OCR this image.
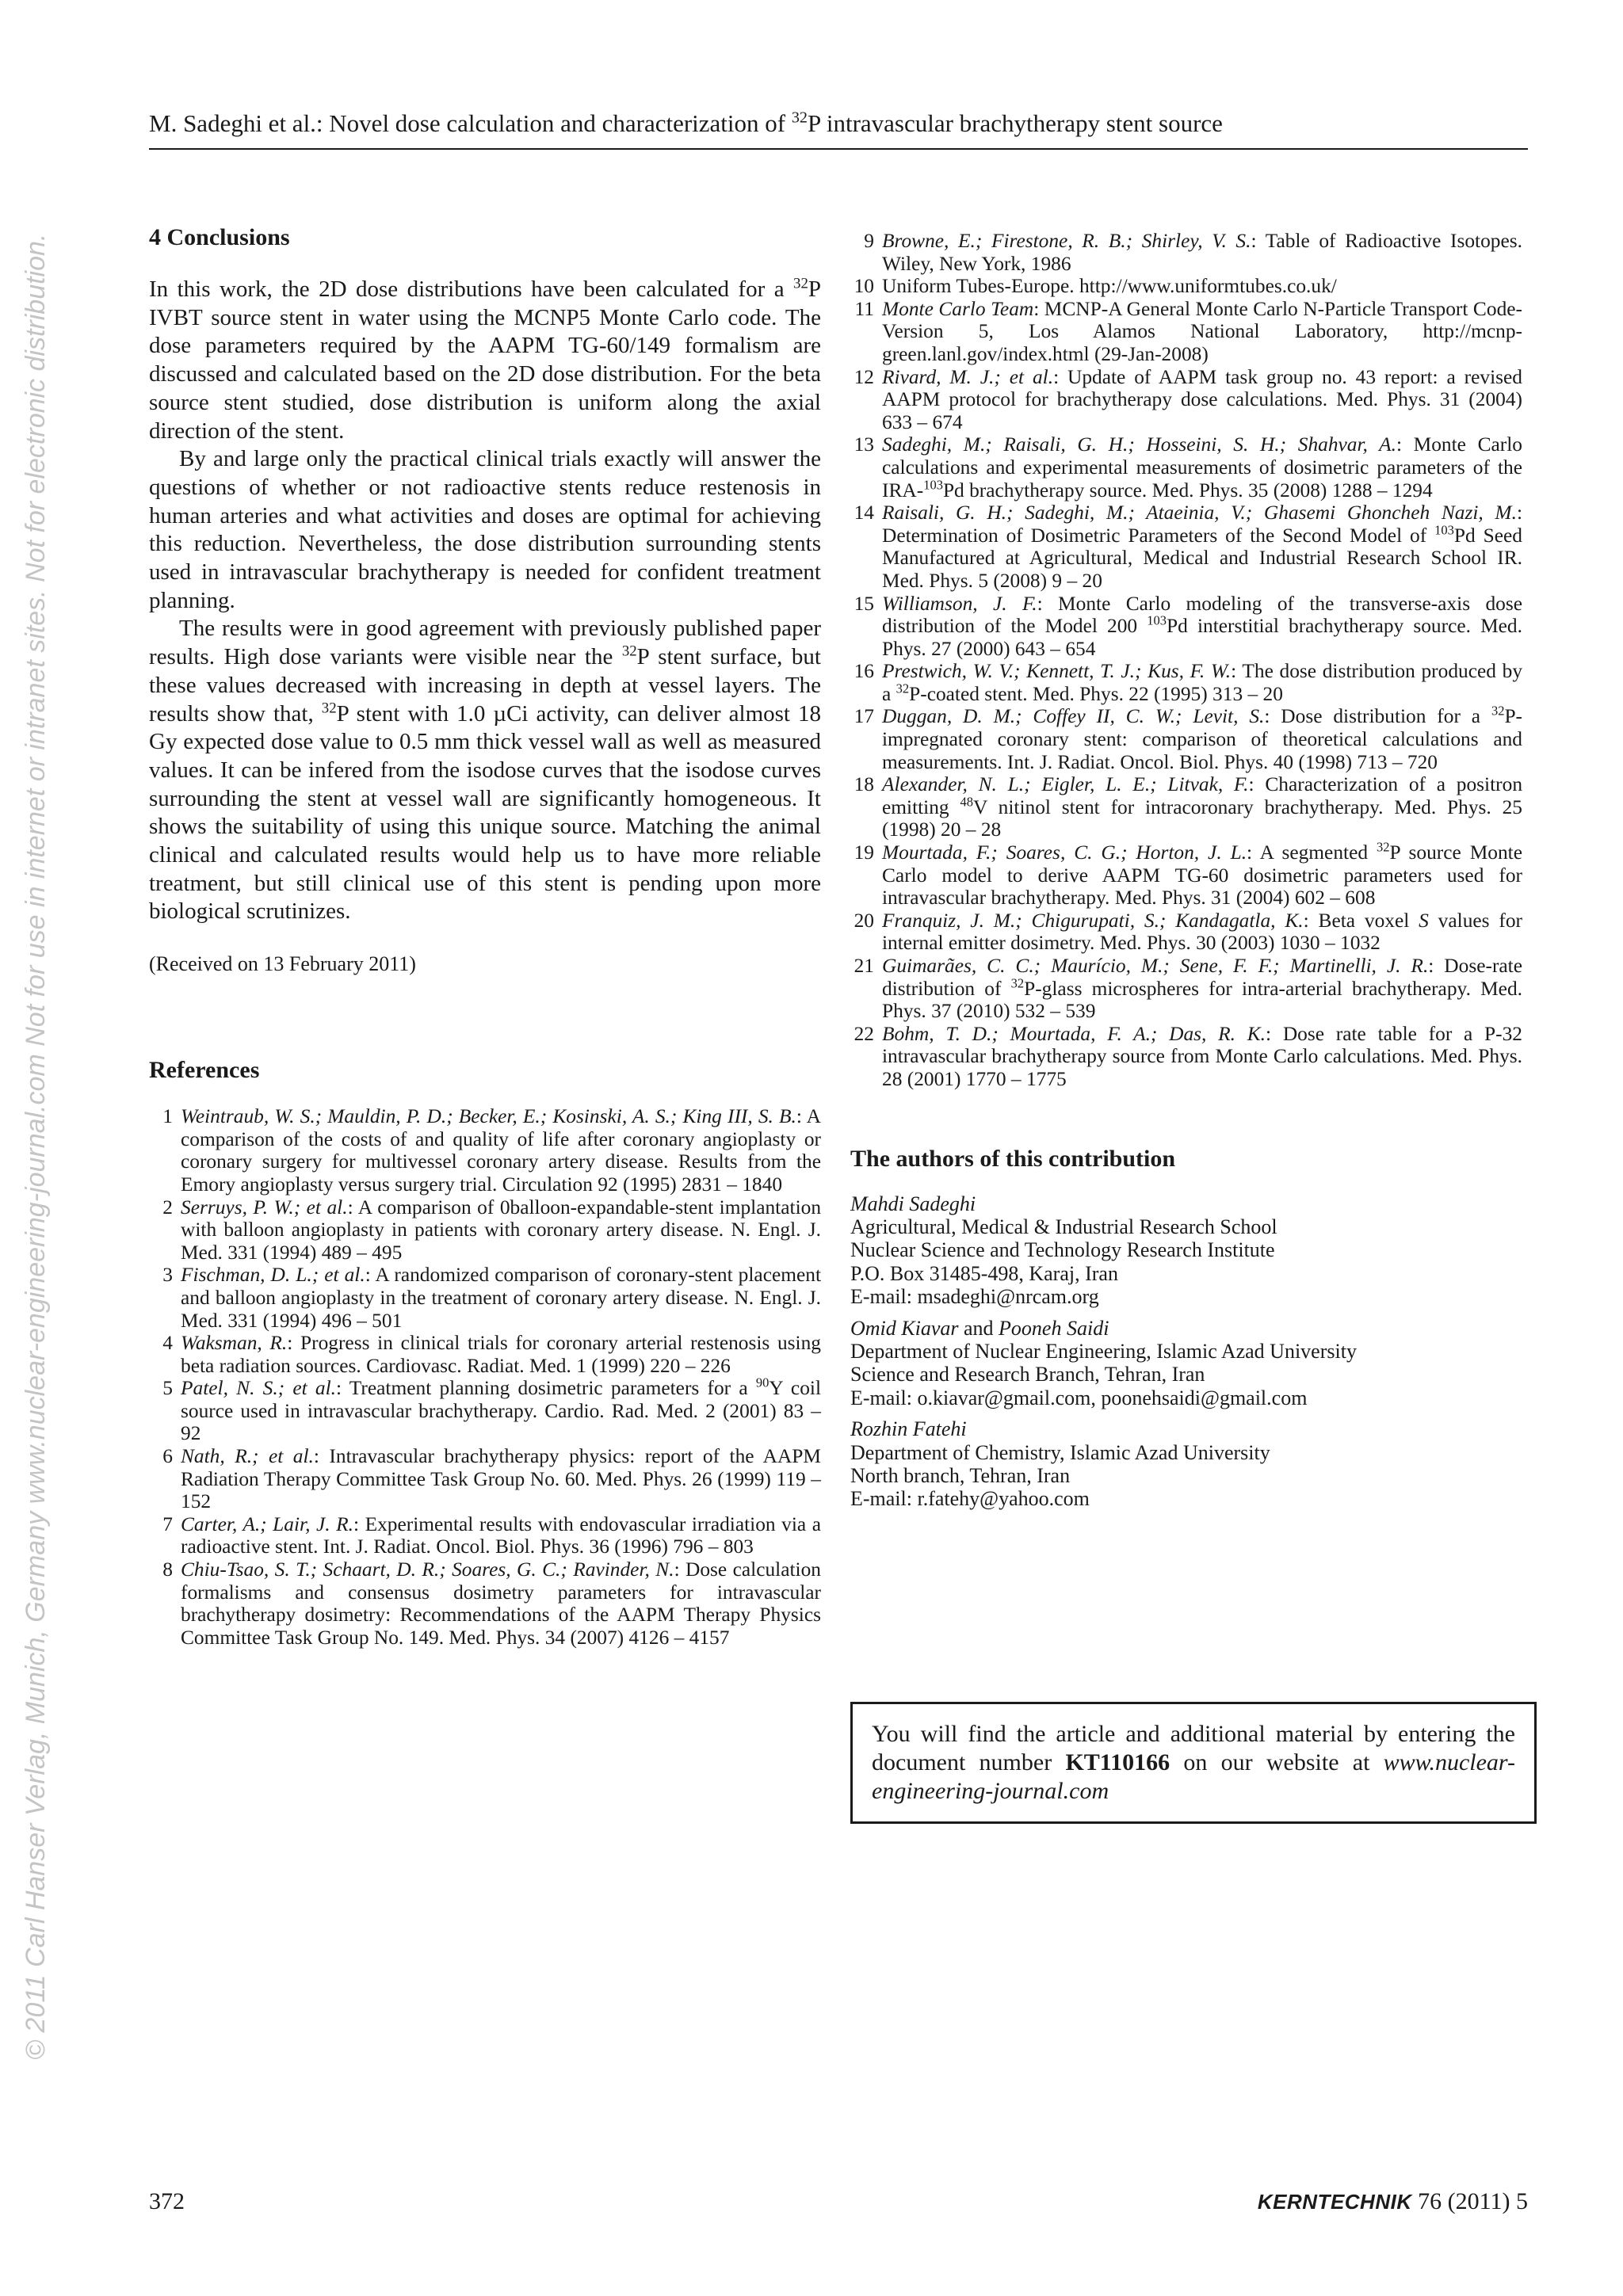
© 2011 Carl Hanser Verlag, Munich, Germany www.nuclear-engineering-journal.com Not for use in internet or intranet sites. Not for electronic distribution.
M. Sadeghi et al.: Novel dose calculation and characterization of $^{32}$P intravascular brachytherapy stent source
4 Conclusions

In this work, the 2D dose distributions have been calculated for a $^{32}$P IVBT source stent in water using the MCNP5 Monte Carlo code. The dose parameters required by the AAPM TG-60/149 formalism are discussed and calculated based on the 2D dose distribution. For the beta source stent studied, dose distribution is uniform along the axial direction of the stent.

By and large only the practical clinical trials exactly will answer the questions of whether or not radioactive stents reduce restenosis in human arteries and what activities and doses are optimal for achieving this reduction. Nevertheless, the dose distribution surrounding stents used in intravascular brachytherapy is needed for confident treatment planning.

The results were in good agreement with previously published paper results. High dose variants were visible near the $^{32}$P stent surface, but these values decreased with increasing in depth at vessel layers. The results show that, $^{32}$P stent with 1.0 µCi activity, can deliver almost 18 Gy expected dose value to 0.5 mm thick vessel wall as well as measured values. It can be infered from the isodose curves that the isodose curves surrounding the stent at vessel wall are significantly homogeneous. It shows the suitability of using this unique source. Matching the animal clinical and calculated results would help us to have more reliable treatment, but still clinical use of this stent is pending upon more biological scrutinizes.

(Received on 13 February 2011)

References
1 Weintraub, W. S.; Mauldin, P. D.; Becker, E.; Kosinski, A. S.; King III, S. B.: A comparison of the costs of and quality of life after coronary angioplasty or coronary surgery for multivessel coronary artery disease. Results from the Emory angioplasty versus surgery trial. Circulation 92 (1995) 2831 – 1840
2 Serruys, P. W.; et al.: A comparison of 0balloon-expandable-stent implantation with balloon angioplasty in patients with coronary artery disease. N. Engl. J. Med. 331 (1994) 489 – 495
3 Fischman, D. L.; et al.: A randomized comparison of coronary-stent placement and balloon angioplasty in the treatment of coronary artery disease. N. Engl. J. Med. 331 (1994) 496 – 501
4 Waksman, R.: Progress in clinical trials for coronary arterial restenosis using beta radiation sources. Cardiovasc. Radiat. Med. 1 (1999) 220 – 226
5 Patel, N. S.; et al.: Treatment planning dosimetric parameters for a $^{90}$Y coil source used in intravascular brachytherapy. Cardio. Rad. Med. 2 (2001) 83 – 92
6 Nath, R.; et al.: Intravascular brachytherapy physics: report of the AAPM Radiation Therapy Committee Task Group No. 60. Med. Phys. 26 (1999) 119 – 152
7 Carter, A.; Lair, J. R.: Experimental results with endovascular irradiation via a radioactive stent. Int. J. Radiat. Oncol. Biol. Phys. 36 (1996) 796 – 803
8 Chiu-Tsao, S. T.; Schaart, D. R.; Soares, G. C.; Ravinder, N.: Dose calculation formalisms and consensus dosimetry parameters for intravascular brachytherapy dosimetry: Recommendations of the AAPM Therapy Physics Committee Task Group No. 149. Med. Phys. 34 (2007) 4126 – 4157
9 Browne, E.; Firestone, R. B.; Shirley, V. S.: Table of Radioactive Isotopes. Wiley, New York, 1986
10 Uniform Tubes-Europe. http://www.uniformtubes.co.uk/
11 Monte Carlo Team: MCNP-A General Monte Carlo N-Particle Transport Code-Version 5, Los Alamos National Laboratory, http://mcnp-green.lanl.gov/index.html (29-Jan-2008)
12 Rivard, M. J.; et al.: Update of AAPM task group no. 43 report: a revised AAPM protocol for brachytherapy dose calculations. Med. Phys. 31 (2004) 633 – 674
13 Sadeghi, M.; Raisali, G. H.; Hosseini, S. H.; Shahvar, A.: Monte Carlo calculations and experimental measurements of dosimetric parameters of the IRA-$^{103}$Pd brachytherapy source. Med. Phys. 35 (2008) 1288 – 1294
14 Raisali, G. H.; Sadeghi, M.; Ataeinia, V.; Ghasemi Ghoncheh Nazi, M.: Determination of Dosimetric Parameters of the Second Model of $^{103}$Pd Seed Manufactured at Agricultural, Medical and Industrial Research School IR. Med. Phys. 5 (2008) 9 – 20
15 Williamson, J. F.: Monte Carlo modeling of the transverse-axis dose distribution of the Model 200 $^{103}$Pd interstitial brachytherapy source. Med. Phys. 27 (2000) 643 – 654
16 Prestwich, W. V.; Kennett, T. J.; Kus, F. W.: The dose distribution produced by a $^{32}$P-coated stent. Med. Phys. 22 (1995) 313 – 20
17 Duggan, D. M.; Coffey II, C. W.; Levit, S.: Dose distribution for a $^{32}$P-impregnated coronary stent: comparison of theoretical calculations and measurements. Int. J. Radiat. Oncol. Biol. Phys. 40 (1998) 713 – 720
18 Alexander, N. L.; Eigler, L. E.; Litvak, F.: Characterization of a positron emitting $^{48}$V nitinol stent for intracoronary brachytherapy. Med. Phys. 25 (1998) 20 – 28
19 Mourtada, F.; Soares, C. G.; Horton, J. L.: A segmented $^{32}$P source Monte Carlo model to derive AAPM TG-60 dosimetric parameters used for intravascular brachytherapy. Med. Phys. 31 (2004) 602 – 608
20 Franquiz, J. M.; Chigurupati, S.; Kandagatla, K.: Beta voxel S values for internal emitter dosimetry. Med. Phys. 30 (2003) 1030 – 1032
21 Guimarães, C. C.; Maurício, M.; Sene, F. F.; Martinelli, J. R.: Dose-rate distribution of $^{32}$P-glass microspheres for intra-arterial brachytherapy. Med. Phys. 37 (2010) 532 – 539
22 Bohm, T. D.; Mourtada, F. A.; Das, R. K.: Dose rate table for a P-32 intravascular brachytherapy source from Monte Carlo calculations. Med. Phys. 28 (2001) 1770 – 1775
The authors of this contribution
Mahdi Sadeghi
Agricultural, Medical & Industrial Research School
Nuclear Science and Technology Research Institute
P.O. Box 31485-498, Karaj, Iran
E-mail: msadeghi@nrcam.org
Omid Kiavar and Pooneh Saidi
Department of Nuclear Engineering, Islamic Azad University
Science and Research Branch, Tehran, Iran
E-mail: o.kiavar@gmail.com, poonehsaidi@gmail.com
Rozhin Fatehi
Department of Chemistry, Islamic Azad University
North branch, Tehran, Iran
E-mail: r.fatehy@yahoo.com
You will find the article and additional material by entering the document number KT110166 on our website at www.nuclear-engineering-journal.com
372	KERNTECHNIK 76 (2011) 5
